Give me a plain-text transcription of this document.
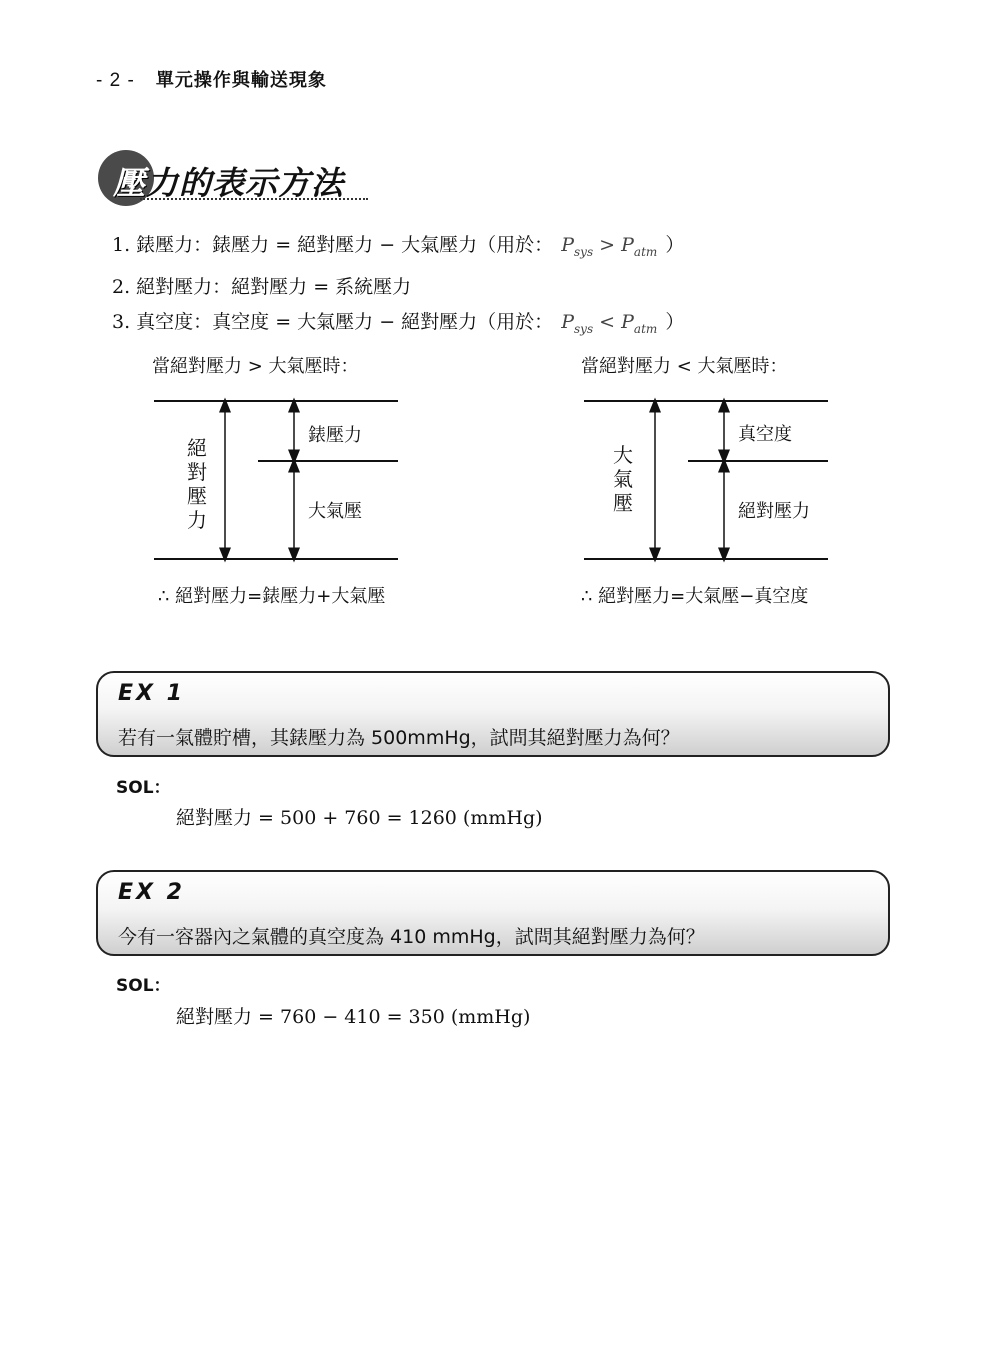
- 2 - 單元操作與輸送現象
壓力的表示方法
1. 錶壓力：錶壓力 = 絕對壓力 − 大氣壓力（用於： $P_{sys} > P_{atm}$ ）
2. 絕對壓力：絕對壓力 = 系統壓力
3. 真空度：真空度 = 大氣壓力 − 絕對壓力（用於： $P_{sys} < P_{atm}$ ）
當絕對壓力 > 大氣壓時：
絕對壓力
錶壓力
大氣壓
∴ 絕對壓力=錶壓力+大氣壓
當絕對壓力 < 大氣壓時：
大氣壓
真空度
絕對壓力
∴ 絕對壓力=大氣壓−真空度
EX 1
若有一氣體貯槽，其錶壓力為 500mmHg，試問其絕對壓力為何？
SOL：
絕對壓力 = 500 + 760 = 1260 (mmHg)
EX 2
今有一容器內之氣體的真空度為 410 mmHg，試問其絕對壓力為何？
SOL：
絕對壓力 = 760 − 410 = 350 (mmHg)
